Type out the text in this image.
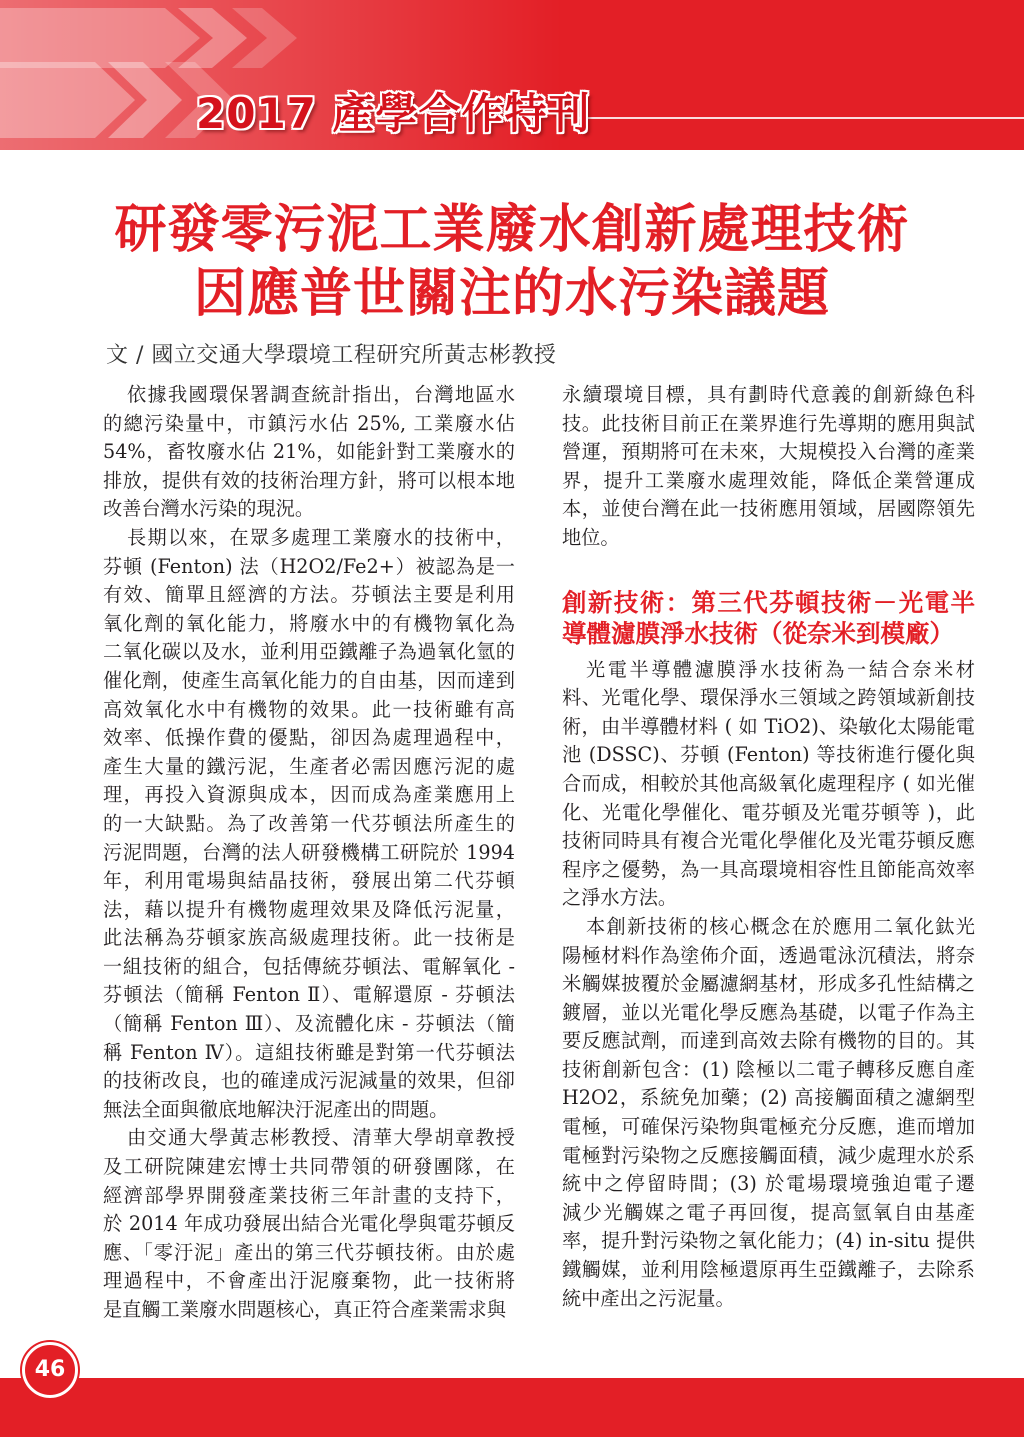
2017 產學合作特刊
研發零污泥工業廢水創新處理技術
因應普世關注的水污染議題
文 / 國立交通大學環境工程研究所黃志彬教授
依據我國環保署調查統計指出，台灣地區水
的總污染量中，市鎮污水佔 25%, 工業廢水佔
54%，畜牧廢水佔 21%，如能針對工業廢水的
排放，提供有效的技術治理方針，將可以根本地
改善台灣水污染的現況。
長期以來，在眾多處理工業廢水的技術中，
芬頓 (Fenton) 法（H2O2/Fe2+）被認為是一
有效、簡單且經濟的方法。芬頓法主要是利用
氧化劑的氧化能力，將廢水中的有機物氧化為
二氧化碳以及水，並利用亞鐵離子為過氧化氫的
催化劑，使產生高氧化能力的自由基，因而達到
高效氧化水中有機物的效果。此一技術雖有高
效率、低操作費的優點，卻因為處理過程中，
產生大量的鐵污泥，生產者必需因應污泥的處
理，再投入資源與成本，因而成為產業應用上
的一大缺點。為了改善第一代芬頓法所產生的
污泥問題，台灣的法人研發機構工研院於 1994
年，利用電場與結晶技術，發展出第二代芬頓
法，藉以提升有機物處理效果及降低污泥量，
此法稱為芬頓家族高級處理技術。此一技術是
一組技術的組合，包括傳統芬頓法、電解氧化 -
芬頓法（簡稱 Fenton Ⅱ）、電解還原 - 芬頓法
（簡稱 Fenton Ⅲ）、及流體化床 - 芬頓法（簡
稱 Fenton Ⅳ）。這組技術雖是對第一代芬頓法
的技術改良，也的確達成污泥減量的效果，但卻
無法全面與徹底地解決汙泥產出的問題。
由交通大學黃志彬教授、清華大學胡章教授
及工研院陳建宏博士共同帶領的研發團隊，在
經濟部學界開發產業技術三年計畫的支持下，
於 2014 年成功發展出結合光電化學與電芬頓反
應、「零汙泥」產出的第三代芬頓技術。由於處
理過程中，不會產出汙泥廢棄物，此一技術將
是直觸工業廢水問題核心，真正符合產業需求與
永續環境目標，具有劃時代意義的創新綠色科
技。此技術目前正在業界進行先導期的應用與試
營運，預期將可在未來，大規模投入台灣的產業
界，提升工業廢水處理效能，降低企業營運成
本，並使台灣在此一技術應用領域，居國際領先
地位。
創新技術：第三代芬頓技術－光電半
導體濾膜淨水技術（從奈米到模廠）
光電半導體濾膜淨水技術為一結合奈米材
料、光電化學、環保淨水三領域之跨領域新創技
術，由半導體材料 ( 如 TiO2)、染敏化太陽能電
池 (DSSC)、芬頓 (Fenton) 等技術進行優化與
合而成，相較於其他高級氧化處理程序 ( 如光催
化、光電化學催化、電芬頓及光電芬頓等 )，此
技術同時具有複合光電化學催化及光電芬頓反應
程序之優勢，為一具高環境相容性且節能高效率
之淨水方法。
本創新技術的核心概念在於應用二氧化鈦光
陽極材料作為塗佈介面，透過電泳沉積法，將奈
米觸媒披覆於金屬濾網基材，形成多孔性結構之
鍍層，並以光電化學反應為基礎，以電子作為主
要反應試劑，而達到高效去除有機物的目的。其
技術創新包含：(1) 陰極以二電子轉移反應自產
H2O2，系統免加藥；(2) 高接觸面積之濾網型
電極，可確保污染物與電極充分反應，進而增加
電極對污染物之反應接觸面積，減少處理水於系
統中之停留時間；(3) 於電場環境強迫電子遷
減少光觸媒之電子再回復，提高氫氧自由基產
率，提升對污染物之氧化能力；(4) in-situ 提供
鐵觸媒，並利用陰極還原再生亞鐵離子，去除系
統中產出之污泥量。
46
